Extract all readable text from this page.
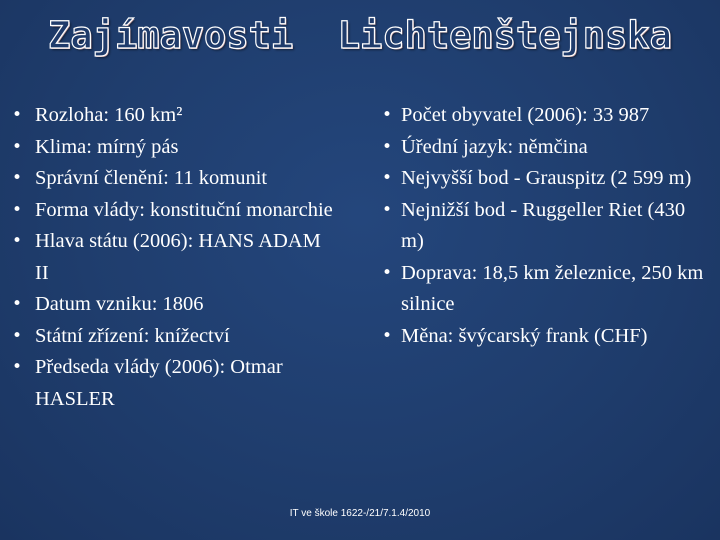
Zajímavosti  Lichtenštejnska
• Rozloha: 160 km²
• Klima: mírný pás
• Správní členění: 11 komunit
• Forma vlády: konstituční monarchie
• Hlava státu (2006): HANS ADAM II
• Datum vzniku: 1806
• Státní zřízení: knížectví
• Předseda vlády (2006): Otmar HASLER
• Počet obyvatel (2006): 33 987
• Úřední jazyk: němčina
• Nejvyšší bod - Grauspitz (2 599 m)
• Nejnižší bod - Ruggeller Riet (430 m)
• Doprava: 18,5 km železnice, 250 km silnice
• Měna: švýcarský frank (CHF)
IT ve škole 1622-/21/7.1.4/2010
